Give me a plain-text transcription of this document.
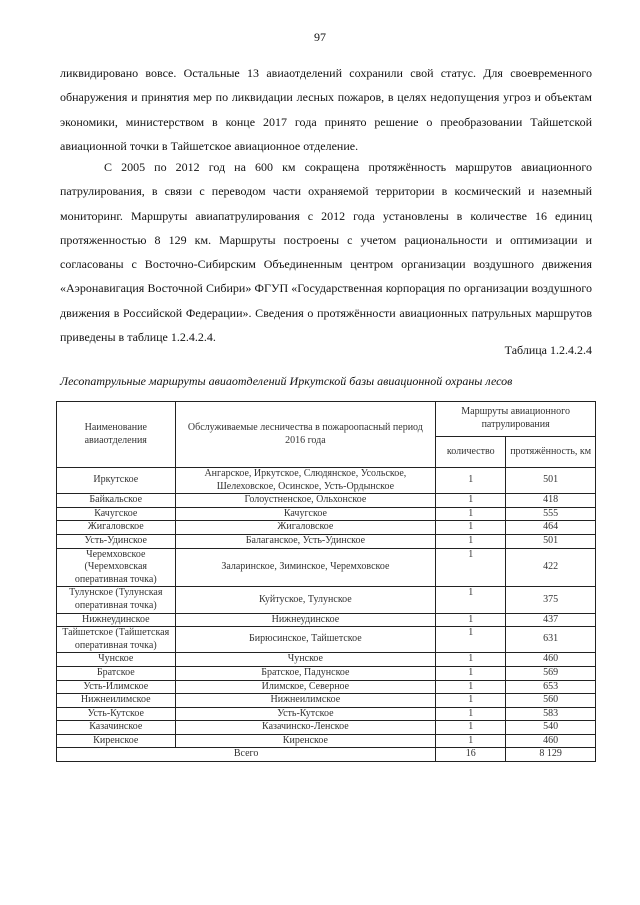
97

ликвидировано вовсе. Остальные 13 авиаотделений сохранили свой статус. Для своевременного обнаружения и принятия мер по ликвидации лесных пожаров, в целях недопущения угроз и объектам экономики, министерством в конце 2017 года принято решение о преобразовании Тайшетской авиационной точки в Тайшетское авиационное отделение.

С 2005 по 2012 год на 600 км сокращена протяжённость маршрутов авиационного патрулирования, в связи с переводом части охраняемой территории в космический и наземный мониторинг. Маршруты авиапатрулирования с 2012 года установлены в количестве 16 единиц протяженностью 8 129 км. Маршруты построены с учетом рациональности и оптимизации и согласованы с Восточно-Сибирским Объединенным центром организации воздушного движения «Аэронавигация Восточной Сибири» ФГУП «Государственная корпорация по организации воздушного движения в Российской Федерации». Сведения о протяжённости авиационных патрульных маршрутов приведены в таблице 1.2.4.2.4.

Таблица 1.2.4.2.4
Лесопатрульные маршруты авиаотделений Иркутской базы авиационной охраны лесов
Наименование авиаотделения	Обслуживаемые лесничества в пожароопасный период 2016 года	Маршруты авиационного патрулирования	
		количество	протяжённость, км
Иркутское	Ангарское, Иркутское, Слюдянское, Усольское, Шелеховское, Осинское, Усть-Ордынское	1	501
Байкальское	Голоустненское, Ольхонское	1	418
Качугское	Качугское	1	555
Жигаловское	Жигаловское	1	464
Усть-Удинское	Балаганское, Усть-Удинское	1	501
Черемховское (Черемховская оперативная точка)	Заларинское, Зиминское, Черемховское	1	422
Тулунское (Тулунская оперативная точка)	Куйтуское, Тулунское	1	375
Нижнеудинское	Нижнеудинское	1	437
Тайшетское (Тайшетская оперативная точка)	Бирюсинское, Тайшетское	1	631
Чунское	Чунское	1	460
Братское	Братское, Падунское	1	569
Усть-Илимское	Илимское, Северное	1	653
Нижнеилимское	Нижнеилимское	1	560
Усть-Кутское	Усть-Кутское	1	583
Казачинское	Казачинско-Ленское	1	540
Киренское	Киренское	1	460
Всего		16	8 129
